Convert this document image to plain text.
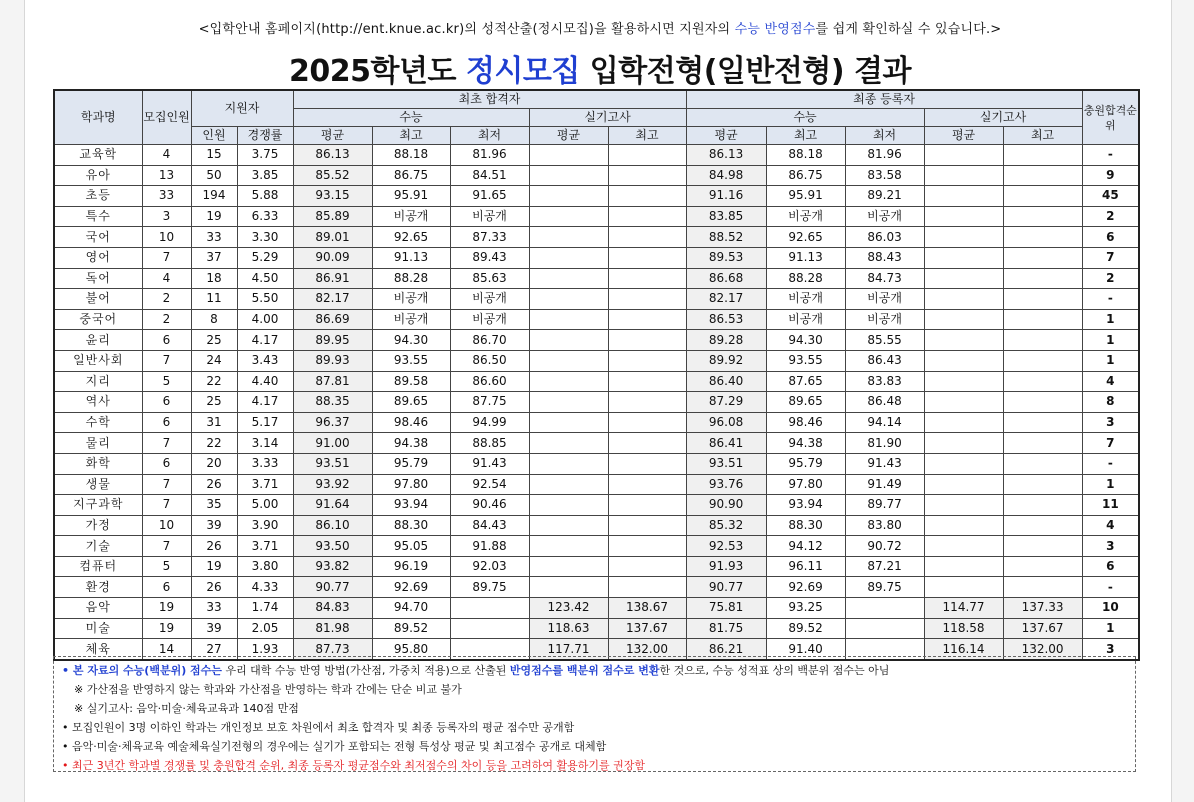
<입학안내 홈페이지(http://ent.knue.ac.kr)의 성적산출(정시모집)을 활용하시면 지원자의 수능 반영점수를 쉽게 확인하실 수 있습니다.>
2025학년도 정시모집 입학전형(일반전형) 결과
학과명	모집인원	지원자		최초 합격자					최종 등록자					충원합격순위
				수능			실기고사		수능			실기고사		
		인원	경쟁률	평균	최고	최저	평균	최고	평균	최고	최저	평균	최고	
교육학	4	15	3.75	86.13	88.18	81.96			86.13	88.18	81.96			-
유아	13	50	3.85	85.52	86.75	84.51			84.98	86.75	83.58			9
초등	33	194	5.88	93.15	95.91	91.65			91.16	95.91	89.21			45
특수	3	19	6.33	85.89	비공개	비공개			83.85	비공개	비공개			2
국어	10	33	3.30	89.01	92.65	87.33			88.52	92.65	86.03			6
영어	7	37	5.29	90.09	91.13	89.43			89.53	91.13	88.43			7
독어	4	18	4.50	86.91	88.28	85.63			86.68	88.28	84.73			2
불어	2	11	5.50	82.17	비공개	비공개			82.17	비공개	비공개			-
중국어	2	8	4.00	86.69	비공개	비공개			86.53	비공개	비공개			1
윤리	6	25	4.17	89.95	94.30	86.70			89.28	94.30	85.55			1
일반사회	7	24	3.43	89.93	93.55	86.50			89.92	93.55	86.43			1
지리	5	22	4.40	87.81	89.58	86.60			86.40	87.65	83.83			4
역사	6	25	4.17	88.35	89.65	87.75			87.29	89.65	86.48			8
수학	6	31	5.17	96.37	98.46	94.99			96.08	98.46	94.14			3
물리	7	22	3.14	91.00	94.38	88.85			86.41	94.38	81.90			7
화학	6	20	3.33	93.51	95.79	91.43			93.51	95.79	91.43			-
생물	7	26	3.71	93.92	97.80	92.54			93.76	97.80	91.49			1
지구과학	7	35	5.00	91.64	93.94	90.46			90.90	93.94	89.77			11
가정	10	39	3.90	86.10	88.30	84.43			85.32	88.30	83.80			4
기술	7	26	3.71	93.50	95.05	91.88			92.53	94.12	90.72			3
컴퓨터	5	19	3.80	93.82	96.19	92.03			91.93	96.11	87.21			6
환경	6	26	4.33	90.77	92.69	89.75			90.77	92.69	89.75			-
음악	19	33	1.74	84.83	94.70		123.42	138.67	75.81	93.25		114.77	137.33	10
미술	19	39	2.05	81.98	89.52		118.63	137.67	81.75	89.52		118.58	137.67	1
체육	14	27	1.93	87.73	95.80		117.71	132.00	86.21	91.40		116.14	132.00	3
• 본 자료의 수능(백분위) 점수는 우리 대학 수능 반영 방법(가산점, 가중치 적용)으로 산출된 반영점수를 백분위 점수로 변환한 것으로, 수능 성적표 상의 백분위 점수는 아님
※ 가산점을 반영하지 않는 학과와 가산점을 반영하는 학과 간에는 단순 비교 불가
※ 실기고사: 음악·미술·체육교육과 140점 만점
• 모집인원이 3명 이하인 학과는 개인정보 보호 차원에서 최초 합격자 및 최종 등록자의 평균 점수만 공개함
• 음악·미술·체육교육 예술체육실기전형의 경우에는 실기가 포함되는 전형 특성상 평균 및 최고점수 공개로 대체함
• 최근 3년간 학과별 경쟁률 및 충원합격 순위, 최종 등록자 평균점수와 최저점수의 차이 등을 고려하여 활용하기를 권장함
